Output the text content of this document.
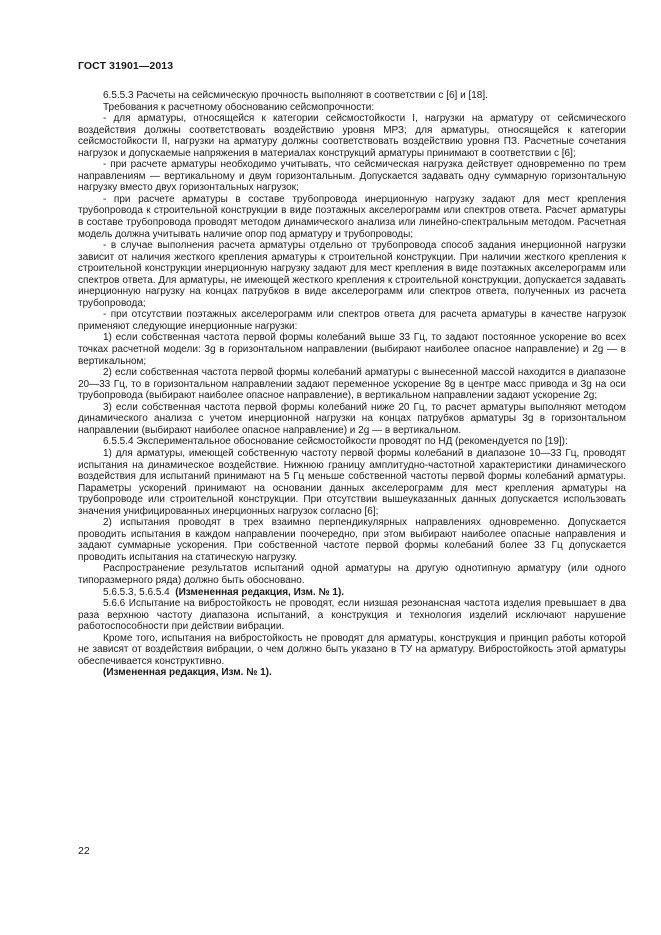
ГОСТ 31901—2013

6.5.5.3 Расчеты на сейсмическую прочность выполняют в соответствии с [6] и [18].

Требования к расчетному обоснованию сейсмопрочности:

- для арматуры, относящейся к категории сейсмостойкости I, нагрузки на арматуру от сейсмического воздействия должны соответствовать воздействию уровня МРЗ; для арматуры, относящейся к категории сейсмостойкости II, нагрузки на арматуру должны соответствовать воздействию уровня ПЗ. Расчетные сочетания нагрузок и допускаемые напряжения в материалах конструкций арматуры принимают в соответствии с [6];

- при расчете арматуры необходимо учитывать, что сейсмическая нагрузка действует одновременно по трем направлениям — вертикальному и двум горизонтальным. Допускается задавать одну суммарную горизонтальную нагрузку вместо двух горизонтальных нагрузок;

- при расчете арматуры в составе трубопровода инерционную нагрузку задают для мест крепления трубопровода к строительной конструкции в виде поэтажных акселерограмм или спектров ответа. Расчет арматуры в составе трубопровода проводят методом динамического анализа или линейно-спектральным методом. Расчетная модель должна учитывать наличие опор под арматуру и трубопроводы;

- в случае выполнения расчета арматуры отдельно от трубопровода способ задания инерционной нагрузки зависит от наличия жесткого крепления арматуры к строительной конструкции. При наличии жесткого крепления к строительной конструкции инерционную нагрузку задают для мест крепления в виде поэтажных акселерограмм или спектров ответа. Для арматуры, не имеющей жесткого крепления к строительной конструкции, допускается задавать инерционную нагрузку на концах патрубков в виде акселерограмм или спектров ответа, полученных из расчета трубопровода;

- при отсутствии поэтажных акселерограмм или спектров ответа для расчета арматуры в качестве нагрузок применяют следующие инерционные нагрузки:

1) если собственная частота первой формы колебаний выше 33 Гц, то задают постоянное ускорение во всех точках расчетной модели: 3g в горизонтальном направлении (выбирают наиболее опасное направление) и 2g — в вертикальном;

2) если собственная частота первой формы колебаний арматуры с вынесенной массой находится в диапазоне 20—33 Гц, то в горизонтальном направлении задают переменное ускорение 8g в центре масс привода и 3g на оси трубопровода (выбирают наиболее опасное направление), в вертикальном направлении задают ускорение 2g;

3) если собственная частота первой формы колебаний ниже 20 Гц, то расчет арматуры выполняют методом динамического анализа с учетом инерционной нагрузки на концах патрубков арматуры 3g в горизонтальном направлении (выбирают наиболее опасное направление) и 2g — в вертикальном.

6.5.5.4 Экспериментальное обоснование сейсмостойкости проводят по НД (рекомендуется по [19]):

1) для арматуры, имеющей собственную частоту первой формы колебаний в диапазоне 10—33 Гц, проводят испытания на динамическое воздействие. Нижнюю границу амплитудно-частотной характеристики динамического воздействия для испытаний принимают на 5 Гц меньше собственной частоты первой формы колебаний арматуры. Параметры ускорений принимают на основании данных акселерограмм для мест крепления арматуры на трубопроводе или строительной конструкции. При отсутствии вышеуказанных данных допускается использовать значения унифицированных инерционных нагрузок согласно [6];

2) испытания проводят в трех взаимно перпендикулярных направлениях одновременно. Допускается проводить испытания в каждом направлении поочередно, при этом выбирают наиболее опасные направления и задают суммарные ускорения. При собственной частоте первой формы колебаний более 33 Гц допускается проводить испытания на статическую нагрузку.

Распространение результатов испытаний одной арматуры на другую однотипную арматуру (или одного типоразмерного ряда) должно быть обосновано.

5.6.5.3, 5.6.5.4 (Измененная редакция, Изм. № 1).

5.6.6 Испытание на вибростойкость не проводят, если низшая резонансная частота изделия превышает в два раза верхнюю частоту диапазона испытаний, а конструкция и технология изделий исключают нарушение работоспособности при действии вибрации.

Кроме того, испытания на вибростойкость не проводят для арматуры, конструкция и принцип работы которой не зависят от воздействия вибрации, о чем должно быть указано в ТУ на арматуру. Вибростойкость этой арматуры обеспечивается конструктивно.

(Измененная редакция, Изм. № 1).

22
